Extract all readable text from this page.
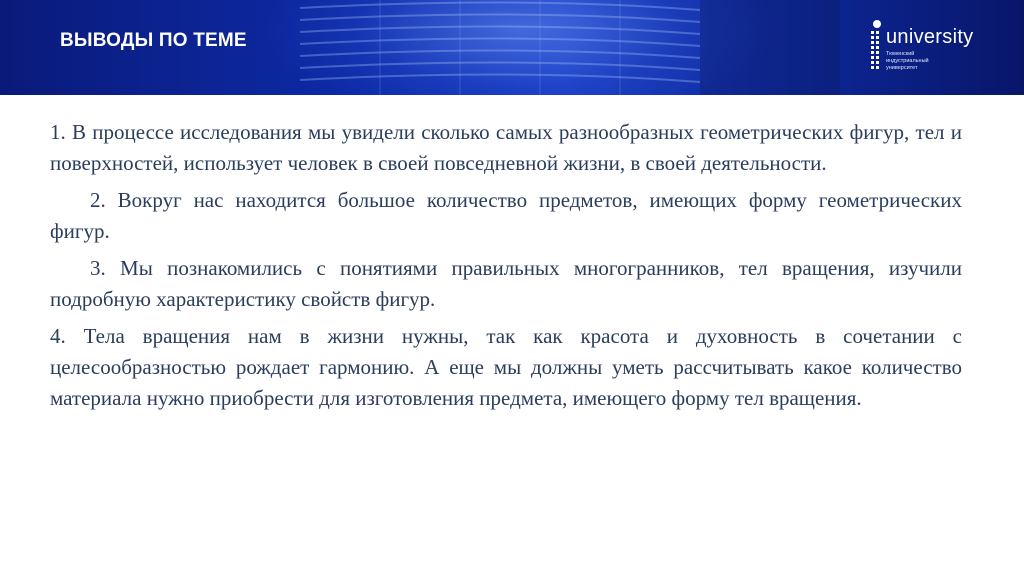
ВЫВОДЫ ПО ТЕМЕ	university
Тюменский
индустриальный
университет

1. В процессе исследования мы увидели сколько самых разнообразных геометрических фигур, тел и поверхностей, использует человек в своей повседневной жизни, в своей деятельности.

2. Вокруг нас находится большое количество предметов, имеющих форму геометрических фигур.

3. Мы познакомились с понятиями правильных многогранников, тел вращения, изучили подробную характеристику свойств фигур.

4. Тела вращения нам в жизни нужны, так как красота и духовность в сочетании с целесообразностью рождает гармонию. А еще мы должны уметь рассчитывать какое количество материала нужно приобрести для изготовления предмета, имеющего форму тел вращения.
